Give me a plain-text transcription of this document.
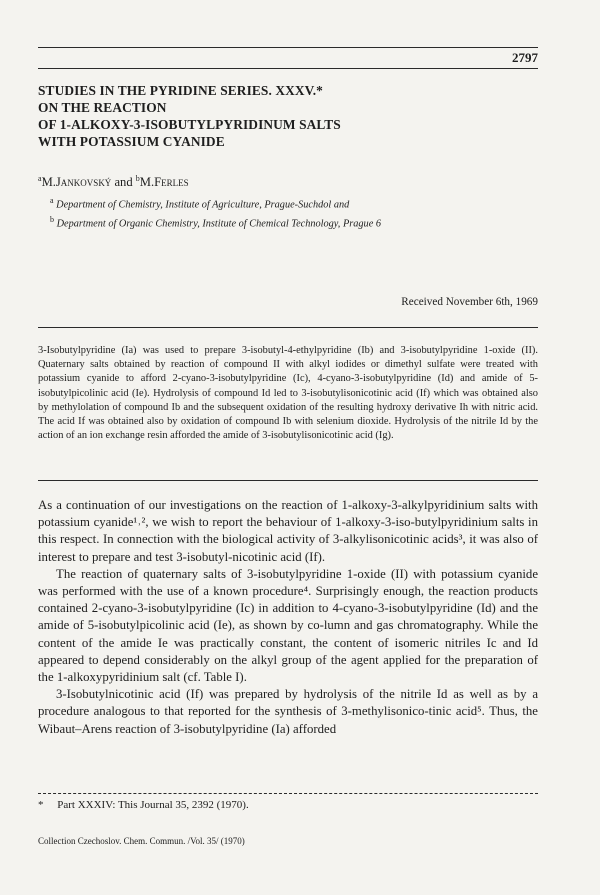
2797
STUDIES IN THE PYRIDINE SERIES. XXXV.*
ON THE REACTION
OF 1-ALKOXY-3-ISOBUTYLPYRIDINUM SALTS
WITH POTASSIUM CYANIDE
$^a$M.Jankovský and $^b$M.Ferles
$^a$ Department of Chemistry, Institute of Agriculture, Prague-Suchdol and
$^b$ Department of Organic Chemistry, Institute of Chemical Technology, Prague 6
Received November 6th, 1969
3-Isobutylpyridine (Ia) was used to prepare 3-isobutyl-4-ethylpyridine (Ib) and 3-isobutylpyridine 1-oxide (II). Quaternary salts obtained by reaction of compound II with alkyl iodides or dimethyl sulfate were treated with potassium cyanide to afford 2-cyano-3-isobutylpyridine (Ic), 4-cyano-3-isobutylpyridine (Id) and amide of 5-isobutylpicolinic acid (Ie). Hydrolysis of compound Id led to 3-isobutylisonicotinic acid (If) which was obtained also by methylolation of compound Ib and the subsequent oxidation of the resulting hydroxy derivative Ih with nitric acid. The acid If was obtained also by oxidation of compound Ib with selenium dioxide. Hydrolysis of the nitrile Id by the action of an ion exchange resin afforded the amide of 3-isobutylisonicotinic acid (Ig).

As a continuation of our investigations on the reaction of 1-alkoxy-3-alkylpyridinium salts with potassium cyanide¹˒², we wish to report the behaviour of 1-alkoxy-3-iso-butylpyridinium salts in this respect. In connection with the biological activity of 3-alkylisonicotinic acids³, it was also of interest to prepare and test 3-isobutyl-nicotinic acid (If).

The reaction of quaternary salts of 3-isobutylpyridine 1-oxide (II) with potassium cyanide was performed with the use of a known procedure⁴. Surprisingly enough, the reaction products contained 2-cyano-3-isobutylpyridine (Ic) in addition to 4-cyano-3-isobutylpyridine (Id) and the amide of 5-isobutylpicolinic acid (Ie), as shown by co-lumn and gas chromatography. While the content of the amide Ie was practically constant, the content of isomeric nitriles Ic and Id appeared to depend considerably on the alkyl group of the agent applied for the preparation of the 1-alkoxypyridinium salt (cf. Table I).

3-Isobutylnicotinic acid (If) was prepared by hydrolysis of the nitrile Id as well as by a procedure analogous to that reported for the synthesis of 3-methylisonico-tinic acid⁵. Thus, the Wibaut–Arens reaction of 3-isobutylpyridine (Ia) afforded

* Part XXXIV: This Journal 35, 2392 (1970).
Collection Czechoslov. Chem. Commun. /Vol. 35/ (1970)
